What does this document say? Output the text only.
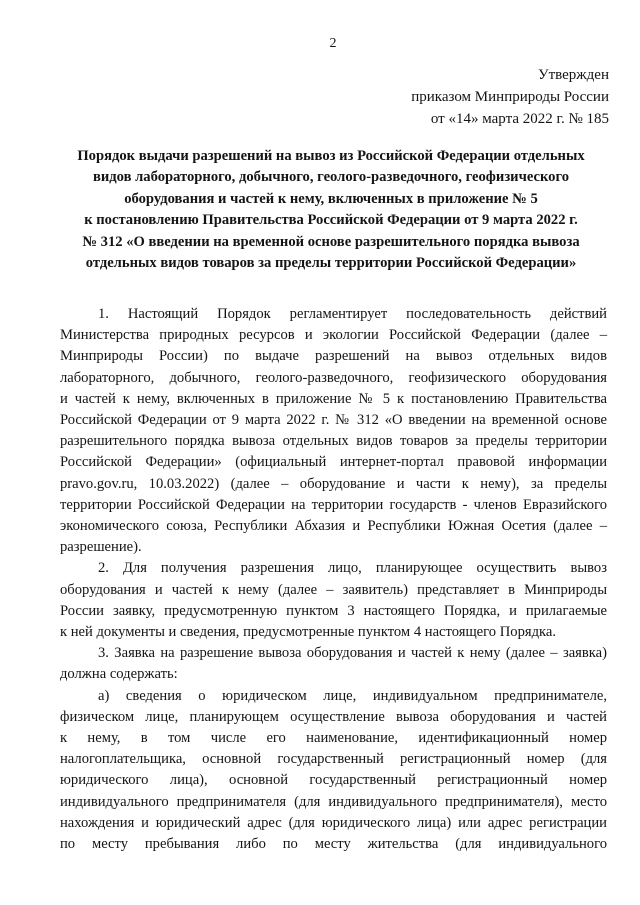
2
Утвержден
приказом Минприроды России
от «14» марта 2022 г. № 185
Порядок выдачи разрешений на вывоз из Российской Федерации отдельных
видов лабораторного, добычного, геолого-разведочного, геофизического
оборудования и частей к нему, включенных в приложение № 5
к постановлению Правительства Российской Федерации от 9 марта 2022 г.
№ 312 «О введении на временной основе разрешительного порядка вывоза
отдельных видов товаров за пределы территории Российской Федерации»
1. Настоящий Порядок регламентирует последовательность действий
Министерства природных ресурсов и экологии Российской Федерации (далее –
Минприроды России) по выдаче разрешений на вывоз отдельных видов
лабораторного, добычного, геолого-разведочного, геофизического оборудования
и частей к нему, включенных в приложение № 5 к постановлению Правительства
Российской Федерации от 9 марта 2022 г. № 312 «О введении на временной основе
разрешительного порядка вывоза отдельных видов товаров за пределы территории
Российской Федерации» (официальный интернет-портал правовой информации
pravo.gov.ru, 10.03.2022) (далее – оборудование и части к нему), за пределы
территории Российской Федерации на территории государств - членов Евразийского
экономического союза, Республики Абхазия и Республики Южная Осетия (далее –
разрешение).
2. Для получения разрешения лицо, планирующее осуществить вывоз
оборудования и частей к нему (далее – заявитель) представляет в Минприроды
России заявку, предусмотренную пунктом 3 настоящего Порядка, и прилагаемые
к ней документы и сведения, предусмотренные пунктом 4 настоящего Порядка.
3. Заявка на разрешение вывоза оборудования и частей к нему (далее – заявка)
должна содержать:
а) сведения о юридическом лице, индивидуальном предпринимателе,
физическом лице, планирующем осуществление вывоза оборудования и частей
к нему, в том числе его наименование, идентификационный номер
налогоплательщика, основной государственный регистрационный номер (для
юридического лица), основной государственный регистрационный номер
индивидуального предпринимателя (для индивидуального предпринимателя), место
нахождения и юридический адрес (для юридического лица) или адрес регистрации
по месту пребывания либо по месту жительства (для индивидуального
